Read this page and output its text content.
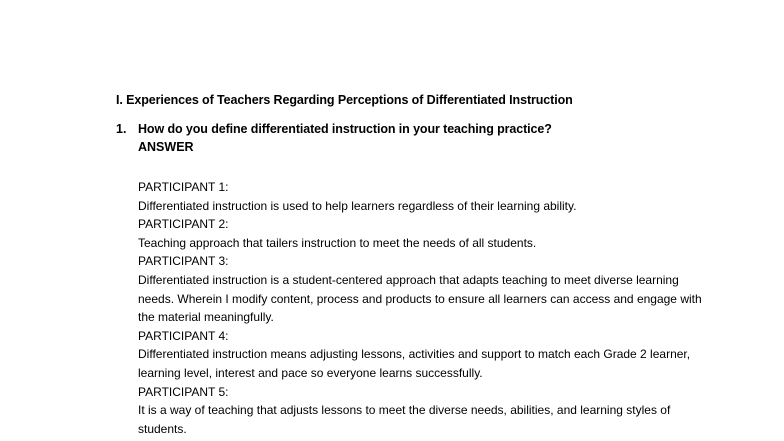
I. Experiences of Teachers Regarding Perceptions of Differentiated Instruction
1. How do you define differentiated instruction in your teaching practice?
ANSWER
PARTICIPANT 1:
Differentiated instruction is used to help learners regardless of their learning ability.
PARTICIPANT 2:
Teaching approach that tailers instruction to meet the needs of all students.
PARTICIPANT 3:
Differentiated instruction is a student-centered approach that adapts teaching to meet diverse learning needs. Wherein I modify content, process and products to ensure all learners can access and engage with the material meaningfully.
PARTICIPANT 4:
Differentiated instruction means adjusting lessons, activities and support to match each Grade 2 learner, learning level, interest and pace so everyone learns successfully.
PARTICIPANT 5:
It is a way of teaching that adjusts lessons to meet the diverse needs, abilities, and learning styles of students.
